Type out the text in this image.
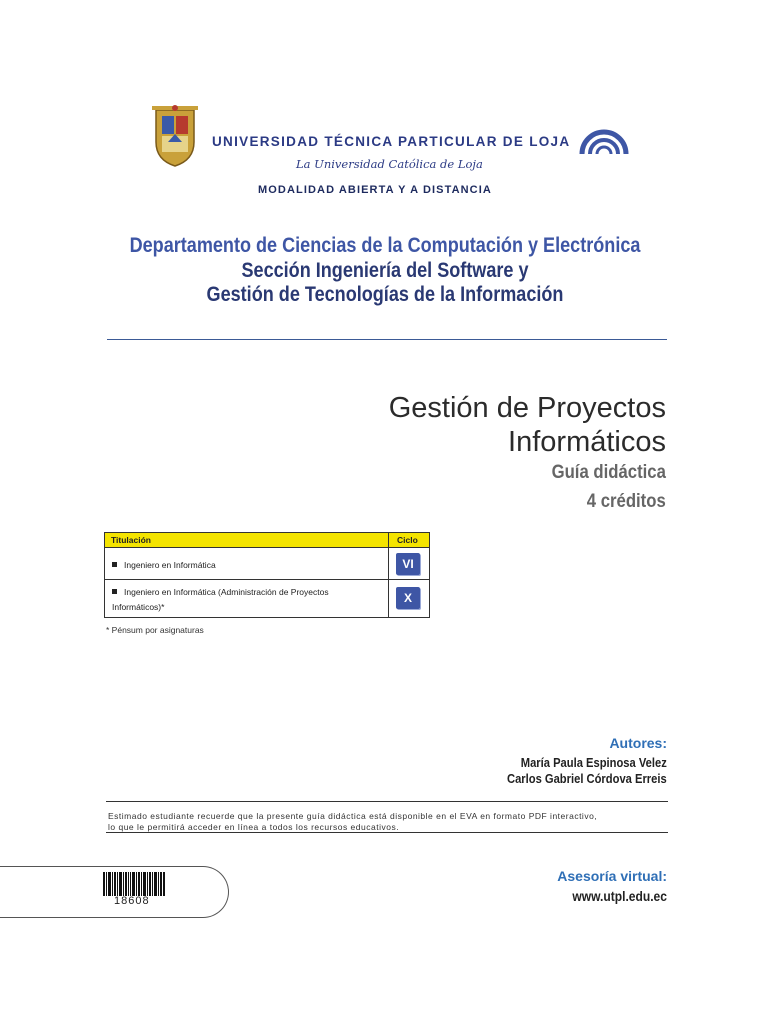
UNIVERSIDAD TÉCNICA PARTICULAR DE LOJA
La Universidad Católica de Loja
MODALIDAD ABIERTA Y A DISTANCIA
Departamento de Ciencias de la Computación y Electrónica
Sección Ingeniería del Software y
Gestión de Tecnologías de la Información
Gestión de Proyectos
Informáticos
Guía didáctica
4 créditos
Titulación	Ciclo
Ingeniero en Informática	VI
Ingeniero en Informática (Administración de Proyectos Informáticos)*
X
* Pénsum por asignaturas
Autores:
María Paula Espinosa Velez
Carlos Gabriel Córdova Erreis
Estimado estudiante recuerde que la presente guía didáctica está disponible en el EVA en formato PDF interactivo,
lo que le permitirá acceder en línea a todos los recursos educativos.
18608
Asesoría virtual:
www.utpl.edu.ec
